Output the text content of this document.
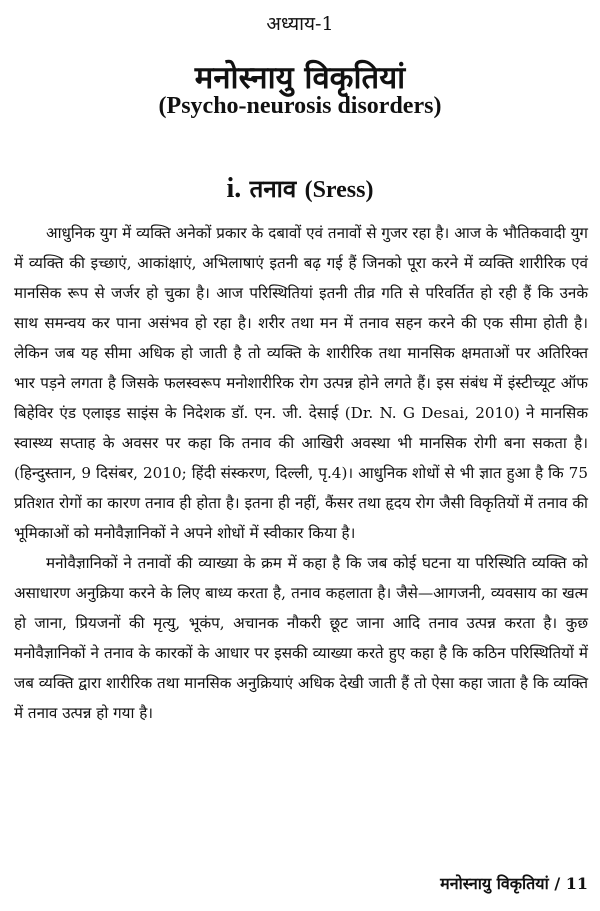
अध्याय-1
मनोस्नायु विकृतियां
(Psycho-neurosis disorders)
i. तनाव (Sress)

आधुनिक युग में व्यक्ति अनेकों प्रकार के दबावों एवं तनावों से गुजर रहा है। आज के भौतिकवादी युग में व्यक्ति की इच्छाएं, आकांक्षाएं, अभिलाषाएं इतनी बढ़ गई हैं जिनको पूरा करने में व्यक्ति शारीरिक एवं मानसिक रूप से जर्जर हो चुका है। आज परिस्थितियां इतनी तीव्र गति से परिवर्तित हो रही हैं कि उनके साथ समन्वय कर पाना असंभव हो रहा है। शरीर तथा मन में तनाव सहन करने की एक सीमा होती है। लेकिन जब यह सीमा अधिक हो जाती है तो व्यक्ति के शारीरिक तथा मानसिक क्षमताओं पर अतिरिक्त भार पड़ने लगता है जिसके फलस्वरूप मनोशारीरिक रोग उत्पन्न होने लगते हैं। इस संबंध में इंस्टीच्यूट ऑफ बिहेविर एंड एलाइड साइंस के निदेशक डॉ. एन. जी. देसाई (Dr. N. G Desai, 2010) ने मानसिक स्वास्थ्य सप्ताह के अवसर पर कहा कि तनाव की आखिरी अवस्था भी मानसिक रोगी बना सकता है। (हिन्दुस्तान, 9 दिसंबर, 2010; हिंदी संस्करण, दिल्ली, पृ.4)। आधुनिक शोधों से भी ज्ञात हुआ है कि 75 प्रतिशत रोगों का कारण तनाव ही होता है। इतना ही नहीं, कैंसर तथा हृदय रोग जैसी विकृतियों में तनाव की भूमिकाओं को मनोवैज्ञानिकों ने अपने शोधों में स्वीकार किया है।

मनोवैज्ञानिकों ने तनावों की व्याख्या के क्रम में कहा है कि जब कोई घटना या परिस्थिति व्यक्ति को असाधारण अनुक्रिया करने के लिए बाध्य करता है, तनाव कहलाता है। जैसे—आगजनी, व्यवसाय का खत्म हो जाना, प्रियजनों की मृत्यु, भूकंप, अचानक नौकरी छूट जाना आदि तनाव उत्पन्न करता है। कुछ मनोवैज्ञानिकों ने तनाव के कारकों के आधार पर इसकी व्याख्या करते हुए कहा है कि कठिन परिस्थितियों में जब व्यक्ति द्वारा शारीरिक तथा मानसिक अनुक्रियाएं अधिक देखी जाती हैं तो ऐसा कहा जाता है कि व्यक्ति में तनाव उत्पन्न हो गया है।

मनोस्नायु विकृतियां / 11
